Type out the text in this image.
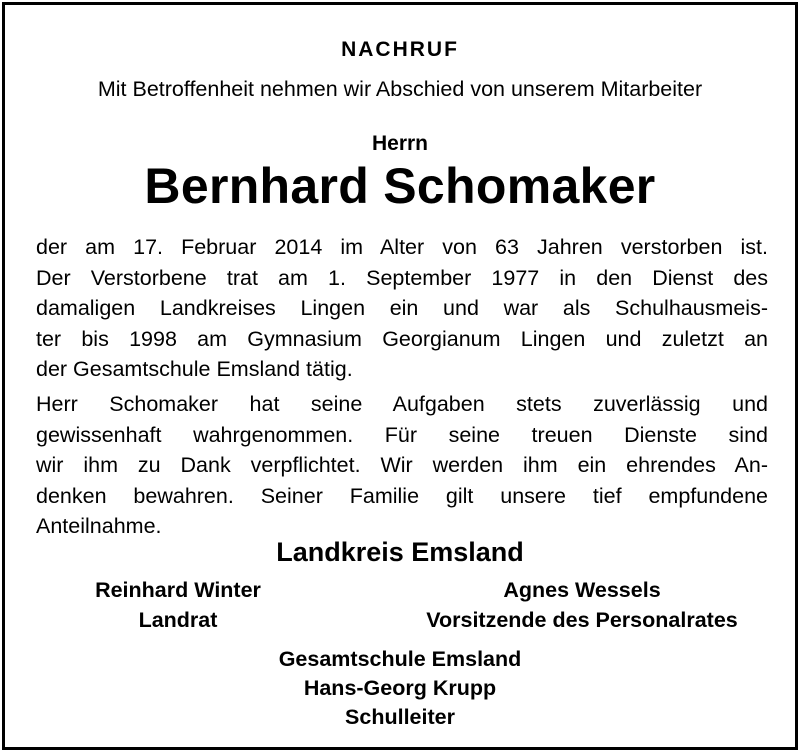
NACHRUF
Mit Betroffenheit nehmen wir Abschied von unserem Mitarbeiter
Herrn
Bernhard Schomaker
der am 17. Februar 2014 im Alter von 63 Jahren verstorben ist.
Der Verstorbene trat am 1. September 1977 in den Dienst des
damaligen Landkreises Lingen ein und war als Schulhausmeis-
ter bis 1998 am Gymnasium Georgianum Lingen und zuletzt an
der Gesamtschule Emsland tätig.
Herr Schomaker hat seine Aufgaben stets zuverlässig und
gewissenhaft wahrgenommen. Für seine treuen Dienste sind
wir ihm zu Dank verpflichtet. Wir werden ihm ein ehrendes An-
denken bewahren. Seiner Familie gilt unsere tief empfundene
Anteilnahme.
Landkreis Emsland
Reinhard Winter
Landrat
Agnes Wessels
Vorsitzende des Personalrates
Gesamtschule Emsland
Hans-Georg Krupp
Schulleiter
